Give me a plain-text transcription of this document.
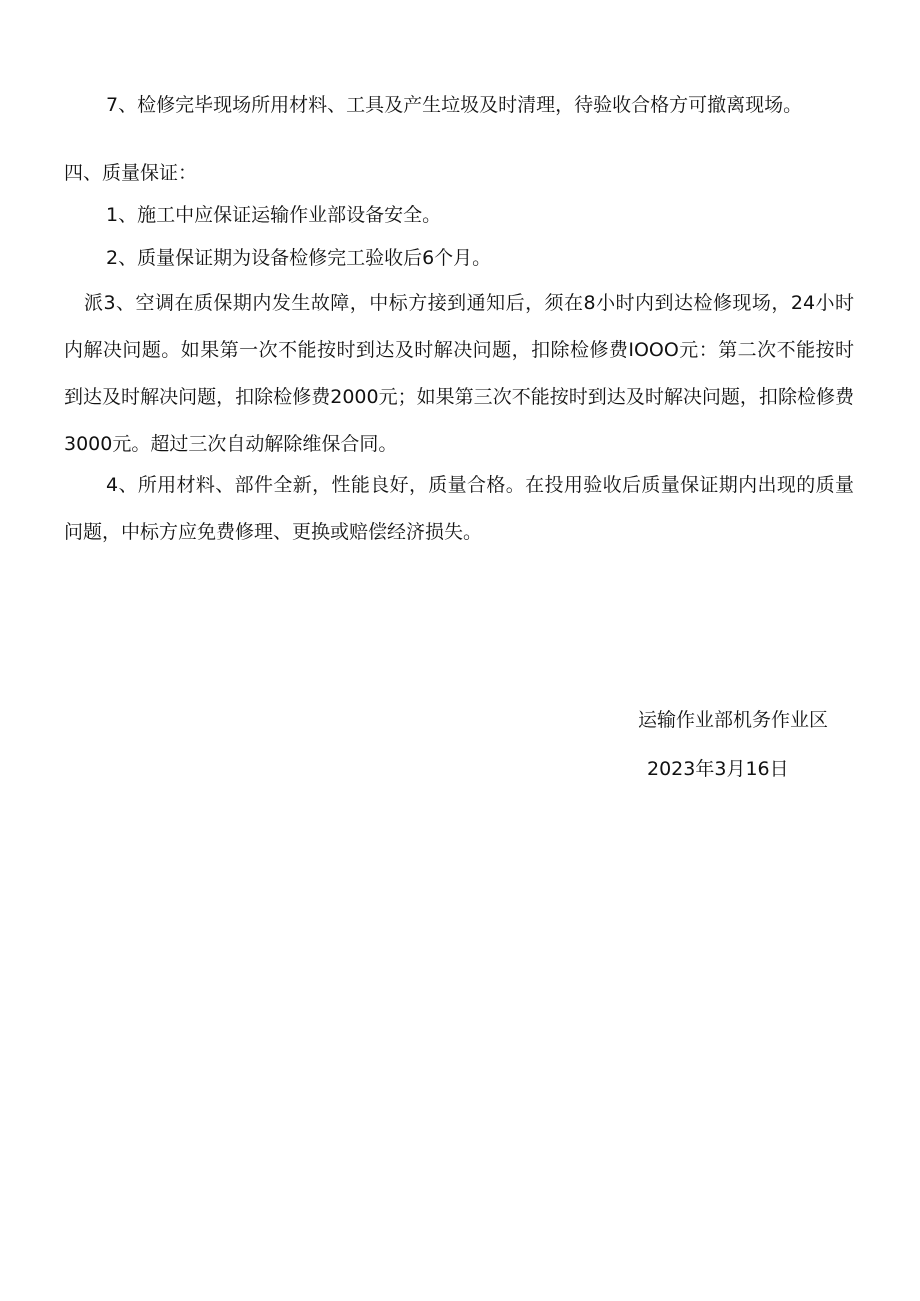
7、检修完毕现场所用材料、工具及产生垃圾及时清理，待验收合格方可撤离现场。

四、质量保证：

1、施工中应保证运输作业部设备安全。

2、质量保证期为设备检修完工验收后6个月。

派3、空调在质保期内发生故障，中标方接到通知后，须在8小时内到达检修现场，24小时内解决问题。如果第一次不能按时到达及时解决问题，扣除检修费IOOO元：第二次不能按时到达及时解决问题，扣除检修费2000元；如果第三次不能按时到达及时解决问题，扣除检修费3000元。超过三次自动解除维保合同。

4、所用材料、部件全新，性能良好，质量合格。在投用验收后质量保证期内出现的质量问题，中标方应免费修理、更换或赔偿经济损失。

运输作业部机务作业区
2023年3月16日
